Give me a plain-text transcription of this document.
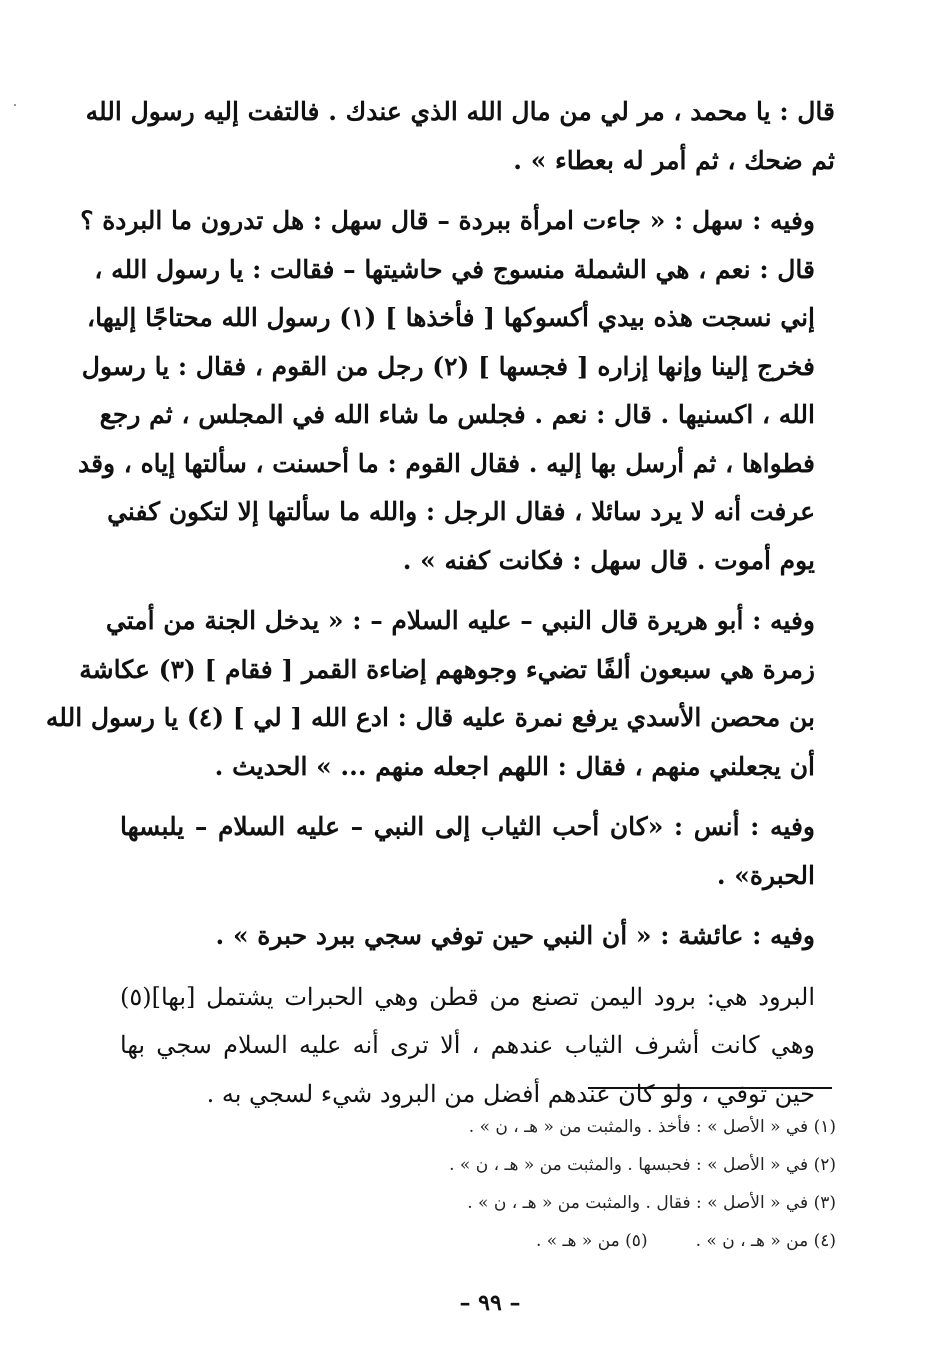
قال : يا محمد ، مر لي من مال الله الذي عندك . فالتفت إليه رسول الله
ثم ضحك ، ثم أمر له بعطاء » .

وفيه : سهل : « جاءت امرأة ببردة – قال سهل : هل تدرون ما البردة ؟
قال : نعم ، هي الشملة منسوج في حاشيتها – فقالت : يا رسول الله ،
إني نسجت هذه بيدي أكسوكها [ فأخذها ] (١) رسول الله محتاجًا إليها،
فخرج إلينا وإنها إزاره [ فجسها ] (٢) رجل من القوم ، فقال : يا رسول
الله ، اكسنيها . قال : نعم . فجلس ما شاء الله في المجلس ، ثم رجع
فطواها ، ثم أرسل بها إليه . فقال القوم : ما أحسنت ، سألتها إياه ، وقد
عرفت أنه لا يرد سائلا ، فقال الرجل : والله ما سألتها إلا لتكون كفني
يوم أموت . قال سهل : فكانت كفنه » .

وفيه : أبو هريرة قال النبي – عليه السلام – : « يدخل الجنة من أمتي
زمرة هي سبعون ألفًا تضيء وجوههم إضاءة القمر [ فقام ] (٣) عكاشة
بن محصن الأسدي يرفع نمرة عليه قال : ادع الله [ لي ] (٤) يا رسول الله
أن يجعلني منهم ، فقال : اللهم اجعله منهم ... » الحديث .

وفيه : أنس : «كان أحب الثياب إلى النبي – عليه السلام – يلبسها
الحبرة» .

وفيه : عائشة : « أن النبي حين توفي سجي ببرد حبرة » .

البرود هي: برود اليمن تصنع من قطن وهي الحبرات يشتمل [بها](٥)
وهي كانت أشرف الثياب عندهم ، ألا ترى أنه عليه السلام سجي بها
حين توفي ، ولو كان عندهم أفضل من البرود شيء لسجي به .

(١) في « الأصل » : فأخذ . والمثبت من « هـ ، ن » .
(٢) في « الأصل » : فحبسها . والمثبت من « هـ ، ن » .
(٣) في « الأصل » : فقال . والمثبت من « هـ ، ن » .
(٤) من « هـ ، ن » .(٥) من « هـ » .
– ٩٩ –
